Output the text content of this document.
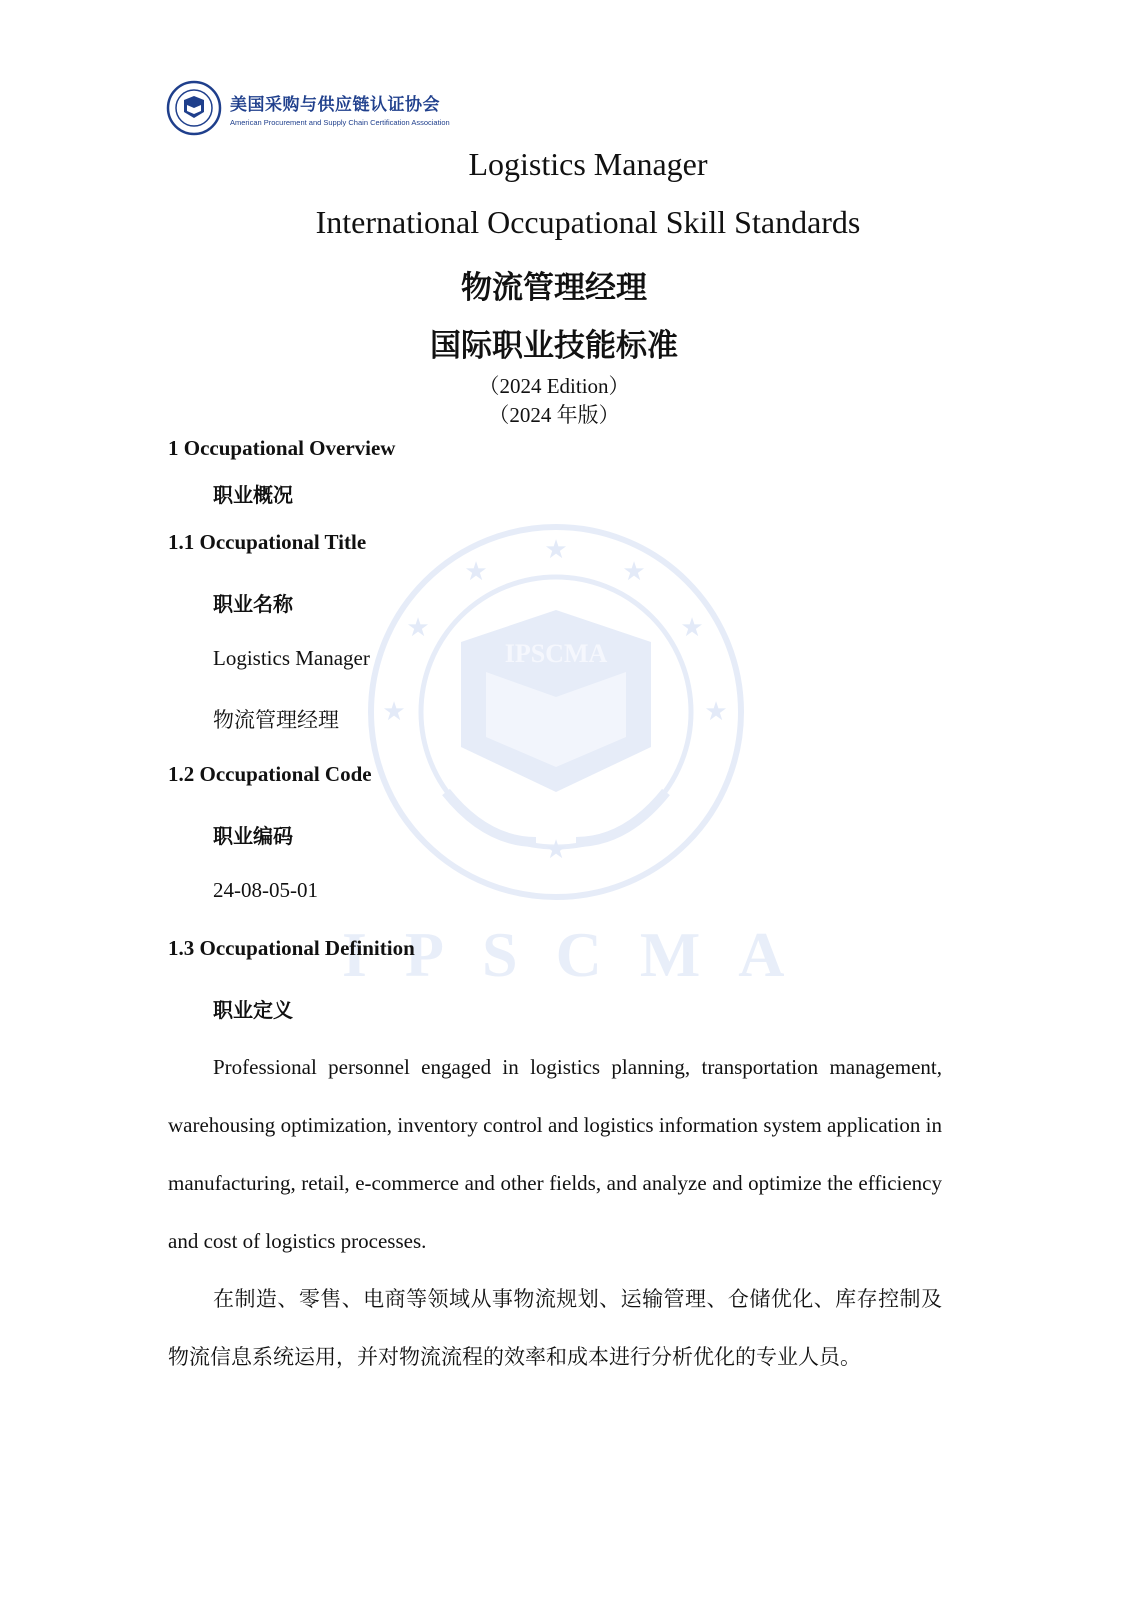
★
★	★
★	★
★	★
★
IPSCMA
IPSCMA
美国采购与供应链认证协会
American Procurement and Supply Chain Certification Association
Logistics Manager
International Occupational Skill Standards
物流管理经理
国际职业技能标准
（2024 Edition）
（2024 年版）
1 Occupational Overview
职业概况
1.1 Occupational Title
职业名称
Logistics Manager
物流管理经理
1.2 Occupational Code
职业编码
24-08-05-01
1.3 Occupational Definition
职业定义
Professional personnel engaged in logistics planning, transportation management, warehousing optimization, inventory control and logistics information system application in manufacturing, retail, e-commerce and other fields, and analyze and optimize the efficiency and cost of logistics processes.
在制造、零售、电商等领域从事物流规划、运输管理、仓储优化、库存控制及物流信息系统运用，并对物流流程的效率和成本进行分析优化的专业人员。
